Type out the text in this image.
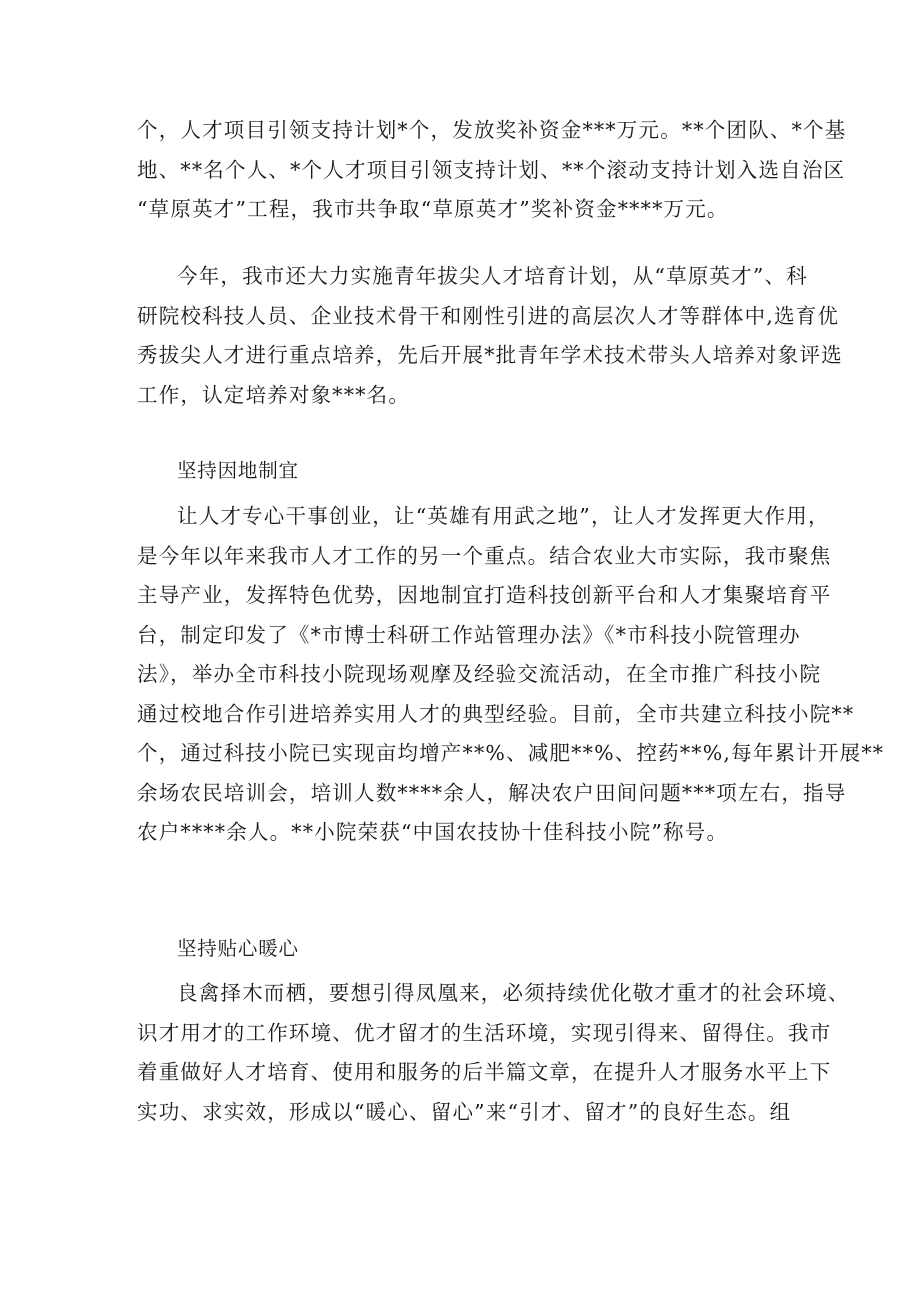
个，人才项目引领支持计划*个，发放奖补资金***万元。**个团队、*个基
地、**名个人、*个人才项目引领支持计划、**个滚动支持计划入选自治区
“草原英才”工程，我市共争取“草原英才”奖补资金****万元。
今年，我市还大力实施青年拔尖人才培育计划，从“草原英才”、科
研院校科技人员、企业技术骨干和刚性引进的高层次人才等群体中,选育优
秀拔尖人才进行重点培养，先后开展*批青年学术技术带头人培养对象评选
工作，认定培养对象***名。
坚持因地制宜
让人才专心干事创业，让“英雄有用武之地”，让人才发挥更大作用，
是今年以年来我市人才工作的另一个重点。结合农业大市实际，我市聚焦
主导产业，发挥特色优势，因地制宜打造科技创新平台和人才集聚培育平
台，制定印发了《*市博士科研工作站管理办法》《*市科技小院管理办
法》，举办全市科技小院现场观摩及经验交流活动，在全市推广科技小院
通过校地合作引进培养实用人才的典型经验。目前，全市共建立科技小院**
个，通过科技小院已实现亩均增产**%、减肥**%、控药**%,每年累计开展**
余场农民培训会，培训人数****余人，解决农户田间问题***项左右，指导
农户****余人。**小院荣获“中国农技协十佳科技小院”称号。
坚持贴心暖心
良禽择木而栖，要想引得凤凰来，必须持续优化敬才重才的社会环境、
识才用才的工作环境、优才留才的生活环境，实现引得来、留得住。我市
着重做好人才培育、使用和服务的后半篇文章，在提升人才服务水平上下
实功、求实效，形成以“暖心、留心”来“引才、留才”的良好生态。组
